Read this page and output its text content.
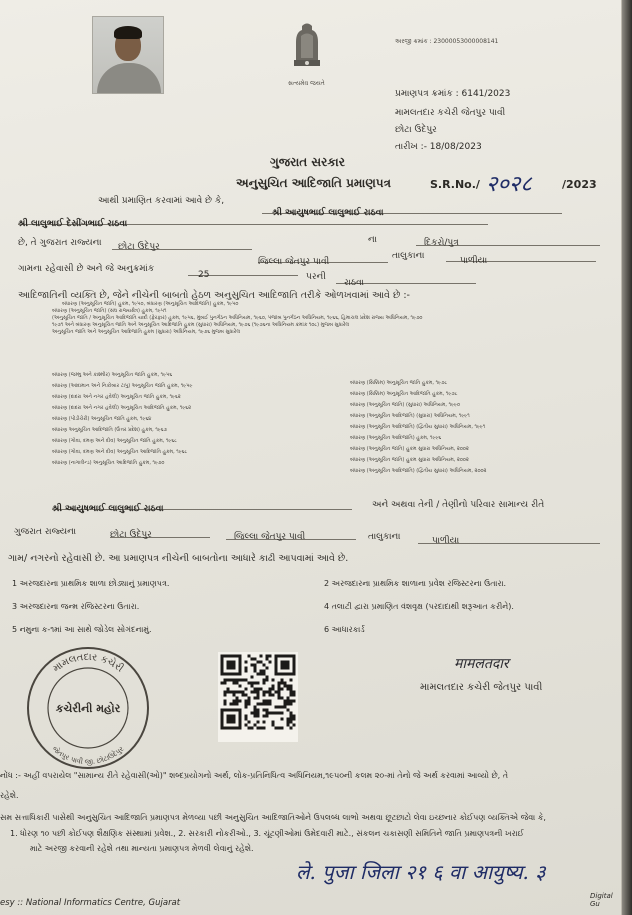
સત્યમેવ જયતે
અરજી ક્રમાંક : 23000053000008141
પ્રમાણપત્ર ક્રમાંક : 6141/2023
મામલતદાર કચેરી જેતપુર પાવી
છોટા ઉદેપુર
તારીખ :- 18/08/2023
ગુજરાત સરકાર
અનુસુચિત આદિજાતિ પ્રમાણપત્ર	S.R.No./ २०२८	/2023
આથી પ્રમાણિત કરવામાં આવે છે કે,
શ્રી આયુષભાઈ લાલુભાઈ રાઠવા
શ્રી લાલુભાઈ દેસીંગભાઈ રાઠવા
ના	દિકરો/પુત્ર
છે, તે ગુજરાત રાજ્યના	છોટા ઉદેપુર
જિલ્લા જેતપુર પાવી
તાલુકાના	પાળીયા
ગામના રહેવાસી છે અને જે અનુક્રમાંક
25	પરની
રાઠવા
આદિજાતિની વ્યક્તિ છે, જેને નીચેની બાબતો હેઠળ અનુસુચિત આદિજાતિ તરીકે ઓળખવામાં આવે છે :-
બંધારણ (અનુસૂચિત જાતિ) હુકમ, ૧૯૫૦, બંધારણ (અનુસૂચિત આદિજાતિ) હુકમ, ૧૯૫૦
બંધારણ (અનુસૂચિત જાતિ) (સંઘ રાજ્યક્ષેત્ર) હુકમ, ૧૯૫૧
(અનુસૂચિત જાતિ / અનુસૂચિત આદિજાતિ યાદી (ફેરફાર) હુકમ, ૧૯૫૬, મુંબઈ પુનર્ગઠન અધિનિયમ, ૧૯૬૦, પંજાબ પુનર્ગઠન અધિનિયમ, ૧૯૬૬, હિમાચલ પ્રદેશ રાજ્ય અધિનિયમ, ૧૯૭૦
૧૯૭૧ અને બંધારણ અનુસૂચિત જાતિ અને અનુસૂચિત આદિજાતિ હુકમ (સુધારા) અધિનિયમ, ૧૯૭૬ (૧૯૭૬ના અધિનિયમ ક્રમાંક ૧૦૮) મુજબ સુધારેલ
અનુસૂચિત જાતિ અને અનુસૂચિત આદિજાતિ હુકમ (સુધારા) અધિનિયમ, ૧૯૭૬ મુજબ સુધારેલ
બંધારણ (જમ્મુ અને કાશ્મીર) અનુસૂચિત જાતિ હુકમ, ૧૯૫૬
બંધારણ (આંદામાન અને નિકોબાર ટાપુ) અનુસૂચિત જાતિ હુકમ, ૧૯૫૯
બંધારણ (દાદરા અને નગર હવેલી) અનુસૂચિત જાતિ હુકમ, ૧૯૬૨
બંધારણ (દાદરા અને નગર હવેલી) અનુસૂચિત આદિજાતિ હુકમ, ૧૯૬૨
બંધારણ (પોંડીચેરી) અનુસૂચિત જાતિ હુકમ, ૧૯૬૪
બંધારણ અનુસૂચિત આદિજાતિ (ઉત્તર પ્રદેશ) હુકમ, ૧૯૬૭
બંધારણ (ગોવા, દમણ અને દીવ) અનુસૂચિત જાતિ હુકમ, ૧૯૬૮
બંધારણ (ગોવા, દમણ અને દીવ) અનુસૂચિત આદિજાતિ હુકમ, ૧૯૬૮
બંધારણ (નાગાલેન્ડ) અનુસૂચિત આદિજાતિ હુકમ, ૧૯૭૦
બંધારણ (સિક્કિમ) અનુસૂચિત જાતિ હુકમ, ૧૯૭૮
બંધારણ (સિક્કિમ) અનુસૂચિત આદિજાતિ હુકમ, ૧૯૭૮
બંધારણ (અનુસૂચિત જાતિ) (સુધારા) અધિનિયમ, ૧૯૯૦
બંધારણ (અનુસૂચિત આદિજાતિ) (સુધારા) અધિનિયમ, ૧૯૯૧
બંધારણ (અનુસૂચિત આદિજાતિ) (દ્વિતીય સુધારા) અધિનિયમ, ૧૯૯૧
બંધારણ (અનુસૂચિત આદિજાતિ) હુકમ, ૧૯૯૬
બંધારણ (અનુસૂચિત જાતિ) હુકમ સુધારા અધિનિયમ, ૨૦૦૨
બંધારણ (અનુસૂચિત જાતિ) હુકમ સુધારા અધિનિયમ, ૨૦૦૨
બંધારણ (અનુસૂચિત આદિજાતિ) (દ્વિતીય સુધારા) અધિનિયમ, ૨૦૦૨
શ્રી આયુષભાઈ લાલુભાઈ રાઠવા	અને અથવા તેની / તેણીનો પરિવાર સામાન્ય રીતે
ગુજરાત રાજ્યના	છોટા ઉદેપુર	જિલ્લા જેતપુર પાવી	તાલુકાના	પાળીયા
ગામ/ નગરનો રહેવાસી છે. આ પ્રમાણપત્ર નીચેની બાબતોના આધારે કાઢી આપવામાં આવે છે.
1 અરજદારના પ્રાથમિક શાળા છોડ્યાનું પ્રમાણપત્ર.	2 અરજદારના પ્રાથમિક શાળાના પ્રવેશ રજિસ્ટરના ઉતારા.
3 અરજદારના જન્મ રજિસ્ટરના ઉતારા.	4 તલાટી દ્વારા પ્રમાણિત વંશવૃક્ષ (પરદાદાથી શરૂઆત કરીને).
5 નમુના ક-૧માં આ સાથે જોડેલ સોગંદનામું.	6 આધારકાર્ડ
મામલતદાર કચેરી
જેતપુર પાવી જી. છોટાઉદેપુર
કચેરીની મહોર
मामलतदार
મામલતદાર કચેરી જેતપુર પાવી
નોંધ :- અહીં વપરાયેલ "સામાન્ય રીતે રહેવાસી(ઓ)" શબ્દપ્રયોગનો અર્થ, લોક-પ્રતિનિધિત્વ અધિનિયમ,૧૯૫૦ની કલમ ૨૦-માં તેનો જે અર્થ કરવામાં આવ્યો છે, તે
રહેશે.
સમ સત્તાધિકારી પાસેથી અનુસુચિત આદિજાતિ પ્રમાણપત્ર મેળવ્યા પછી અનુસુચિત આદિજાતિઓને ઉપલબ્ધ લાભો અથવા છૂટછાટો લેવા ઇચ્છનાર કોઈપણ વ્યક્તિએ જેવા કે,
1. ધોરણ ૧૦ પછી કોઈપણ શૈક્ષણિક સંસ્થામાં પ્રવેશ., 2. સરકારી નોકરીઓ., 3. ચૂંટણીઓમાં ઉમેદવારી માટે., સંકલન ચકાસણી સમિતિને જાતિ પ્રમાણપત્રની ખરાઈ
માટે અરજી કરવાની રહેશે તથા માન્યતા પ્રમાણપત્ર મેળવી લેવાનું રહેશે.
ले. पुजा जिला २१ ६ वा आयुष्य. ३
esy :: National Informatics Centre, Gujarat
Digital Gu
